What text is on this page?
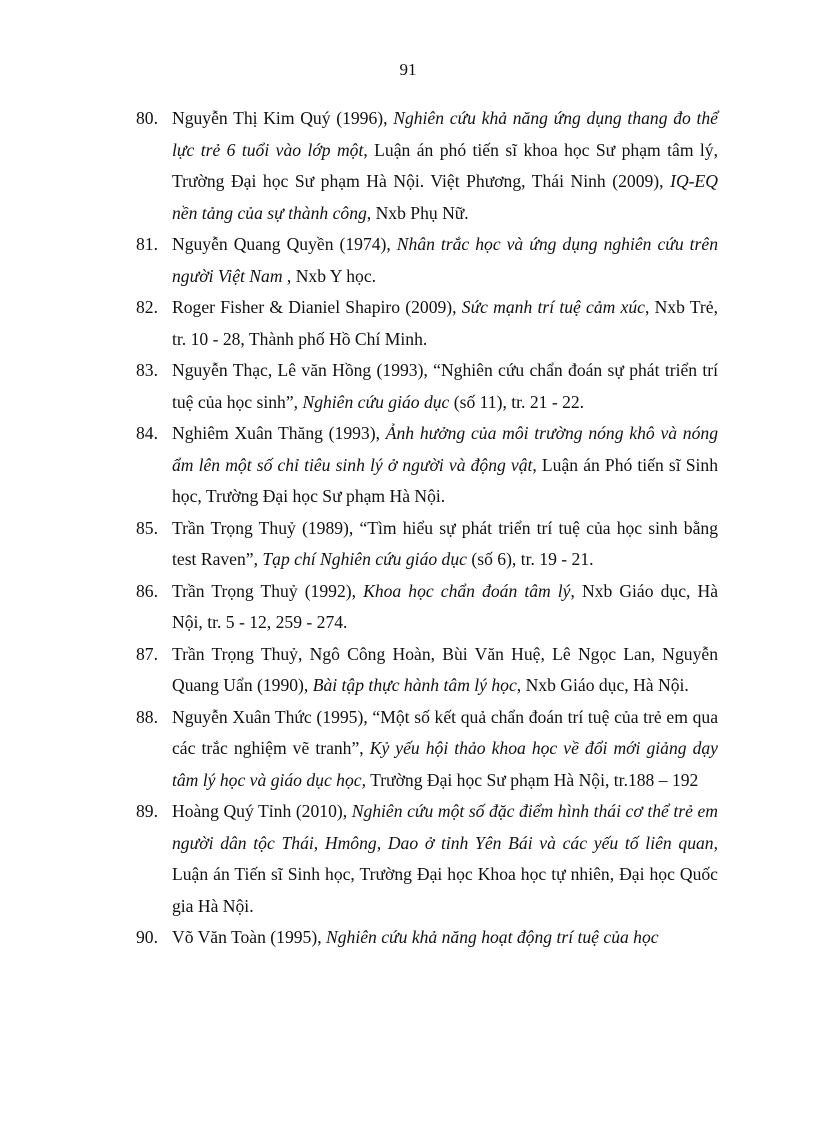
91
80. Nguyễn Thị Kim Quý (1996), Nghiên cứu khả năng ứng dụng thang đo thể lực trẻ 6 tuổi vào lớp một, Luận án phó tiến sĩ khoa học Sư phạm tâm lý, Trường Đại học Sư phạm Hà Nội. Việt Phương, Thái Ninh (2009), IQ-EQ nền tảng của sự thành công, Nxb Phụ Nữ.
81. Nguyễn Quang Quyền (1974), Nhân trắc học và ứng dụng nghiên cứu trên người Việt Nam , Nxb Y học.
82. Roger Fisher & Dianiel Shapiro (2009), Sức mạnh trí tuệ cảm xúc, Nxb Trẻ, tr. 10 - 28, Thành phố Hồ Chí Minh.
83. Nguyễn Thạc, Lê văn Hồng (1993), “Nghiên cứu chẩn đoán sự phát triển trí tuệ của học sinh”, Nghiên cứu giáo dục (số 11), tr. 21 - 22.
84. Nghiêm Xuân Thăng (1993), Ảnh hưởng của môi trường nóng khô và nóng ẩm lên một số chỉ tiêu sinh lý ở người và động vật, Luận án Phó tiến sĩ Sinh học, Trường Đại học Sư phạm Hà Nội.
85. Trần Trọng Thuỷ (1989), “Tìm hiểu sự phát triển trí tuệ của học sinh bằng test Raven”, Tạp chí Nghiên cứu giáo dục (số 6), tr. 19 - 21.
86. Trần Trọng Thuỷ (1992), Khoa học chẩn đoán tâm lý, Nxb Giáo dục, Hà Nội, tr. 5 - 12, 259 - 274.
87. Trần Trọng Thuỷ, Ngô Công Hoàn, Bùi Văn Huệ, Lê Ngọc Lan, Nguyễn Quang Uẩn (1990), Bài tập thực hành tâm lý học, Nxb Giáo dục, Hà Nội.
88. Nguyễn Xuân Thức (1995), “Một số kết quả chẩn đoán trí tuệ của trẻ em qua các trắc nghiệm vẽ tranh”, Kỷ yếu hội thảo khoa học về đổi mới giảng dạy tâm lý học và giáo dục học, Trường Đại học Sư phạm Hà Nội, tr.188 – 192
89. Hoàng Quý Tỉnh (2010), Nghiên cứu một số đặc điểm hình thái cơ thể trẻ em người dân tộc Thái, Hmông, Dao ở tỉnh Yên Bái và các yếu tố liên quan, Luận án Tiến sĩ Sinh học, Trường Đại học Khoa học tự nhiên, Đại học Quốc gia Hà Nội.
90. Võ Văn Toàn (1995), Nghiên cứu khả năng hoạt động trí tuệ của học
